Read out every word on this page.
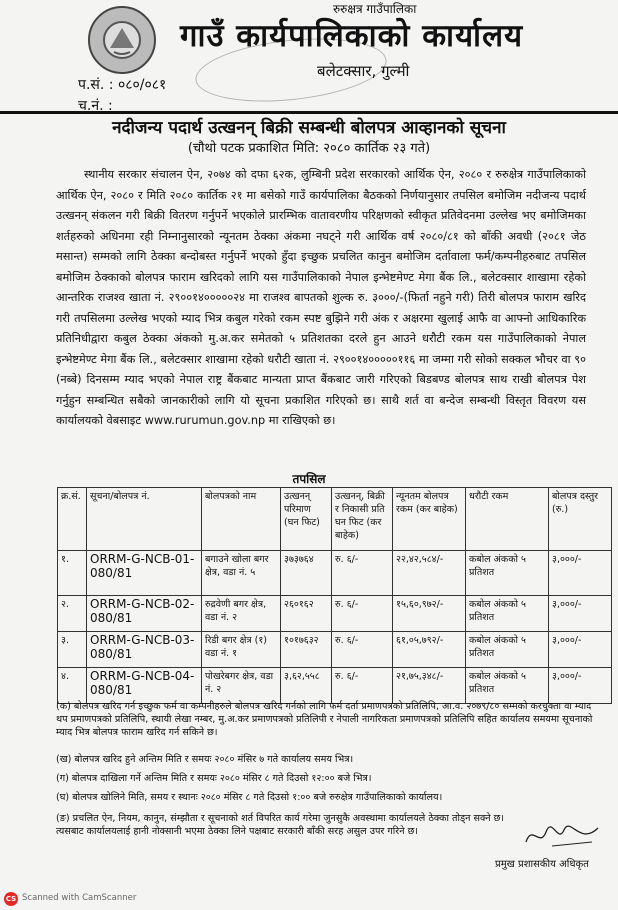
रुरुक्षत्र गाउँपालिका
गाउँ कार्यपालिकाको कार्यालय
बलेटक्सार, गुल्मी
प.सं. : ०८०/०८१
च.नं. :
नदीजन्य पदार्थ उत्खनन् बिक्री सम्बन्धी बोलपत्र आव्हानको सूचना
(चौथो पटक प्रकाशित मिति: २०८० कार्तिक २३ गते)

स्थानीय सरकार संचालन ऐन, २०७४ को दफा ६२क, लुम्बिनी प्रदेश सरकारको आर्थिक ऐन, २०८० र रुरुक्षेत्र गाउँपालिकाको आर्थिक ऐन, २०८० र मिति २०८० कार्तिक २१ मा बसेको गाउँ कार्यपालिका बैठकको निर्णयानुसार तपसिल बमोजिम नदीजन्य पदार्थ उत्खनन् संकलन गरी बिक्री वितरण गर्नुपर्ने भएकोले प्रारम्भिक वातावरणीय परिक्षणको स्वीकृत प्रतिवेदनमा उल्लेख भए बमोजिमका शर्तहरुको अधिनमा रही निम्नानुसारको न्यूनतम ठेक्का अंकमा नघट्ने गरी आर्थिक वर्ष २०८०/८१ को बाँकी अवधी (२०८१ जेठ मसान्त) सम्मको लागि ठेक्का बन्दोबस्त गर्नुपर्ने भएको हुँदा इच्छुक प्रचलित कानुन बमोजिम दर्तावाला फर्म/कम्पनीहरुबाट तपसिल बमोजिम ठेक्काको बोलपत्र फाराम खरिदको लागि यस गाउँपालिकाको नेपाल इन्भेष्टमेण्ट मेगा बैंक लि., बलेटक्सार शाखामा रहेको आन्तरिक राजश्व खाता नं. २९००१४०००००२४ मा राजश्व बापतको शुल्क रु. ३०००/-(फिर्ता नहुने गरी) तिरी बोलपत्र फाराम खरिद गरी तपसिलमा उल्लेख भएको म्याद भित्र कबुल गरेको रकम स्पष्ट बुझिने गरी अंक र अक्षरमा खुलाई आफै वा आफ्नो आधिकारिक प्रतिनिधीद्वारा कबुल ठेक्का अंकको मु.अ.कर समेतको ५ प्रतिशतका दरले हुन आउने धरौटी रकम यस गाउँपालिकाको नेपाल इन्भेष्टमेण्ट मेगा बैंक लि., बलेटक्सार शाखामा रहेको धरौटी खाता नं. २९००१४०००००११६ मा जम्मा गरी सोको सक्कल भौचर वा ९० (नब्बे) दिनसम्म म्याद भएको नेपाल राष्ट्र बैंकबाट मान्यता प्राप्त बैंकबाट जारी गरिएको बिडबण्ड बोलपत्र साथ राखी बोलपत्र पेश गर्नुहुन सम्बन्धित सबैको जानकारीको लागि यो सूचना प्रकाशित गरिएको छ। साथै शर्त वा बन्देज सम्बन्धी विस्तृत विवरण यस कार्यालयको वेबसाइट www.rurumun.gov.np मा राखिएको छ।

तपसिल
क्र.सं.	सूचना/बोलपत्र नं.	बोलपत्रको नाम	उत्खनन् परिमाण (घन फिट)	उत्खनन्, बिक्री र निकासी प्रति घन फिट (कर बाहेक)	न्यूनतम बोलपत्र रकम (कर बाहेक)	धरौटी रकम	बोलपत्र दस्तुर (रु.)
१.	ORRM-G-NCB-01-080/81	बगाउने खोला बगर क्षेत्र, वडा नं. ५	३७३७६४	रु. ६/-	२२,४२,५८४/-	कबोल अंकको ५ प्रतिशत	३,०००/-
२.	ORRM-G-NCB-02-080/81	रुद्रवेणी बगर क्षेत्र, वडा नं. २	२६०१६२	रु. ६/-	१५,६०,९७२/-	कबोल अंकको ५ प्रतिशत	३,०००/-
३.	ORRM-G-NCB-03-080/81	रिडी बगर क्षेत्र (१) वडा नं. १	१०१७६३२	रु. ६/-	६१,०५,७९२/-	कबोल अंकको ५ प्रतिशत	३,०००/-
४.	ORRM-G-NCB-04-080/81	पोखरेबगर क्षेत्र, वडा नं. २	३,६२,५५८	रु. ६/-	२१,७५,३४८/-	कबोल अंकको ५ प्रतिशत	३,०००/-

(क) बोलपत्र खरिद गर्न इच्छुक फर्म वा कम्पनीहरुले बोलपत्र खरिद गर्नको लागि फर्म दर्ता प्रमाणपत्रको प्रतिलिपि, आ.व. २०७९/८० सम्मको करचुक्ता वा म्याद थप प्रमाणपत्रको प्रतिलिपि, स्थायी लेखा नम्बर, मु.अ.कर प्रमाणपत्रको प्रतिलिपी र नेपाली नागरिकता प्रमाणपत्रको प्रतिलिपि सहित कार्यालय समयमा सूचनाको म्याद भित्र बोलपत्र फाराम खरिद गर्न सकिने छ।

(ख) बोलपत्र खरिद हुने अन्तिम मिति र समयः २०८० मंसिर ७ गते कार्यालय समय भित्र।

(ग) बोलपत्र दाखिला गर्ने अन्तिम मिति र समयः २०८० मंसिर ८ गते दिउसो १२:०० बजे भित्र।

(घ) बोलपत्र खोलिने मिति, समय र स्थानः २०८० मंसिर ८ गते दिउसो १:०० बजे रुरुक्षेत्र गाउँपालिकाको कार्यालय।

(ङ) प्रचलित ऐन, नियम, कानुन, संम्झौता र सूचनाको शर्त विपरित कार्य गरेमा जुनसुकै अवस्थामा कार्यालयले ठेक्का तोड्न सक्ने छ। त्यसबाट कार्यालयलाई हानी नोक्सानी भएमा ठेक्का लिने पक्षबाट सरकारी बाँकी सरह असुल उपर गरिने छ।

प्रमुख प्रशासकीय अधिकृत
CS Scanned with CamScanner
